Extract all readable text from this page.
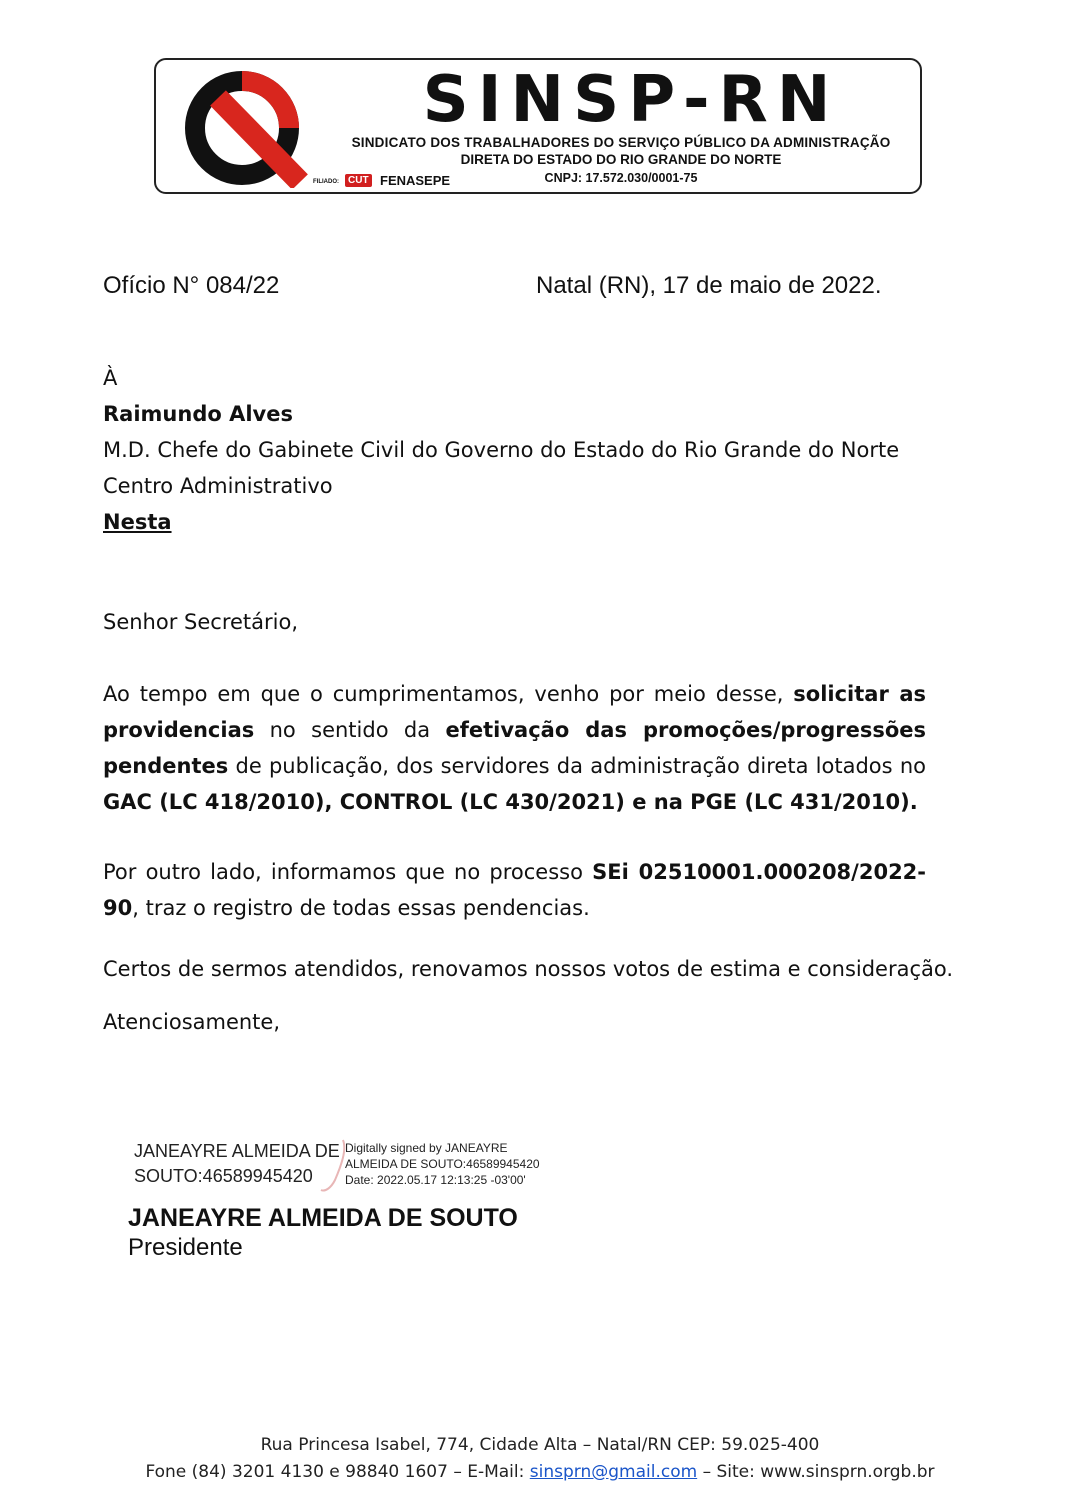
SINSP-RN
SINDICATO DOS TRABALHADORES DO SERVIÇO PÚBLICO DA ADMINISTRAÇÃO
DIRETA DO ESTADO DO RIO GRANDE DO NORTE
CNPJ: 17.572.030/0001-75
FILIADO: CUT FENASEPE
Ofício N° 084/22	Natal (RN), 17 de maio de 2022.
À
Raimundo Alves
M.D. Chefe do Gabinete Civil do Governo do Estado do Rio Grande do Norte
Centro Administrativo
Nesta
Senhor Secretário,
Ao tempo em que o cumprimentamos, venho por meio desse, solicitar as providencias no sentido da efetivação das promoções/progressões pendentes de publicação, dos servidores da administração direta lotados no GAC (LC 418/2010), CONTROL (LC 430/2021) e na PGE (LC 431/2010).
Por outro lado, informamos que no processo SEi 02510001.000208/2022-90, traz o registro de todas essas pendencias.
Certos de sermos atendidos, renovamos nossos votos de estima e consideração.
Atenciosamente,
JANEAYRE ALMEIDA DE
SOUTO:46589945420
Digitally signed by JANEAYRE
ALMEIDA DE SOUTO:46589945420
Date: 2022.05.17 12:13:25 -03'00'
JANEAYRE ALMEIDA DE SOUTO
Presidente
Rua Princesa Isabel, 774, Cidade Alta – Natal/RN CEP: 59.025-400
Fone (84) 3201 4130 e 98840 1607 – E-Mail: sinsprn@gmail.com – Site: www.sinsprn.orgb.br
